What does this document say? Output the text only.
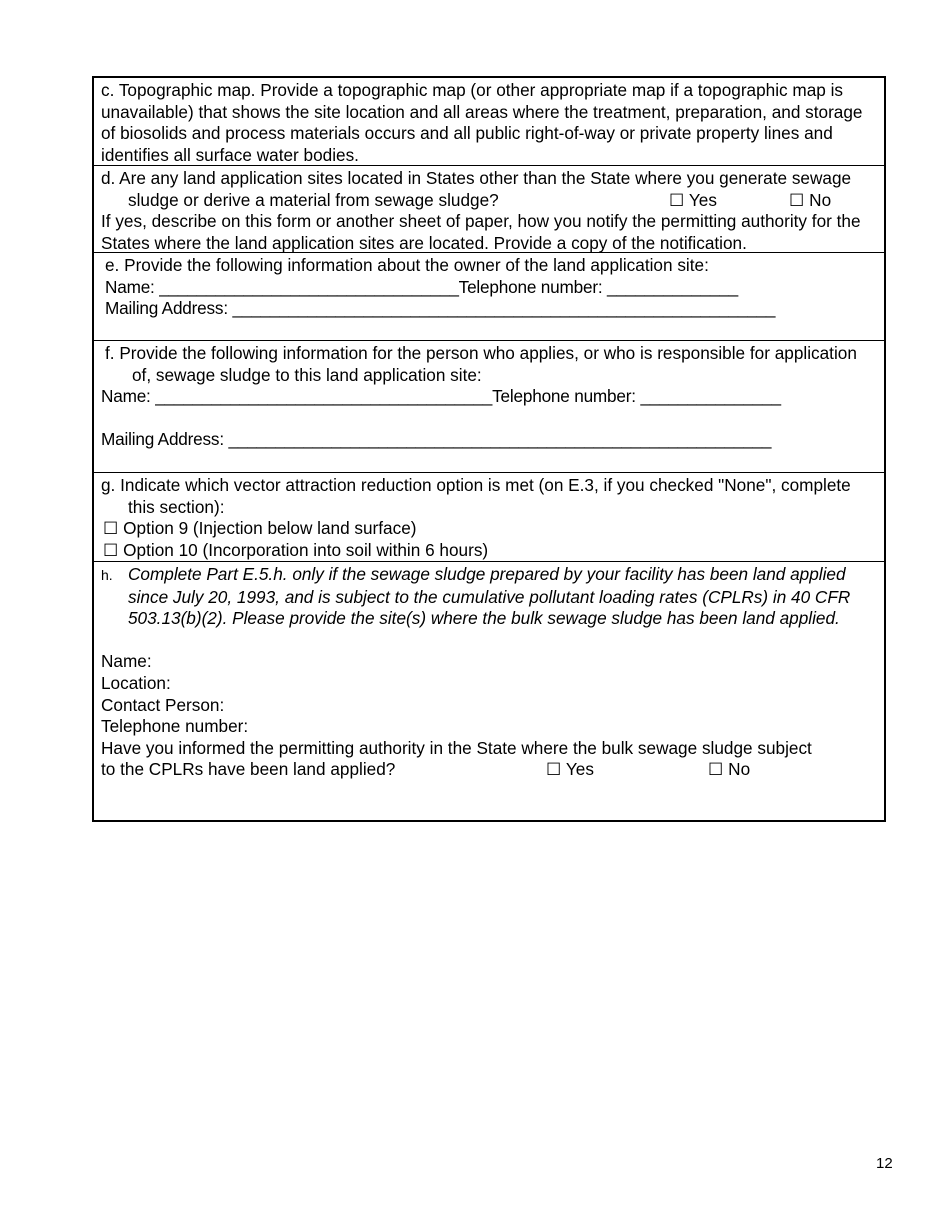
c. Topographic map. Provide a topographic map (or other appropriate map if a topographic map is unavailable) that shows the site location and all areas where the treatment, preparation, and storage of biosolids and process materials occurs and all public right-of-way or private property lines and identifies all surface water bodies.
d. Are any land application sites located in States other than the State where you generate sewage sludge or derive a material from sewage sludge?	☐ Yes	☐ No
If yes, describe on this form or another sheet of paper, how you notify the permitting authority for the States where the land application sites are located. Provide a copy of the notification.
e. Provide the following information about the owner of the land application site:
Name: ________________________________Telephone number: ______________
Mailing Address: __________________________________________________________
f. Provide the following information for the person who applies, or who is responsible for application of, sewage sludge to this land application site:
Name: ____________________________________Telephone number: _______________
Mailing Address: __________________________________________________________
g. Indicate which vector attraction reduction option is met (on E.3, if you checked "None", complete this section):
☐ Option 9 (Injection below land surface)
☐ Option 10 (Incorporation into soil within 6 hours)
h. Complete Part E.5.h. only if the sewage sludge prepared by your facility has been land applied since July 20, 1993, and is subject to the cumulative pollutant loading rates (CPLRs) in 40 CFR 503.13(b)(2). Please provide the site(s) where the bulk sewage sludge has been land applied.
Name:
Location:
Contact Person:
Telephone number:
Have you informed the permitting authority in the State where the bulk sewage sludge subject
to the CPLRs have been land applied?	☐ Yes	☐ No
12
